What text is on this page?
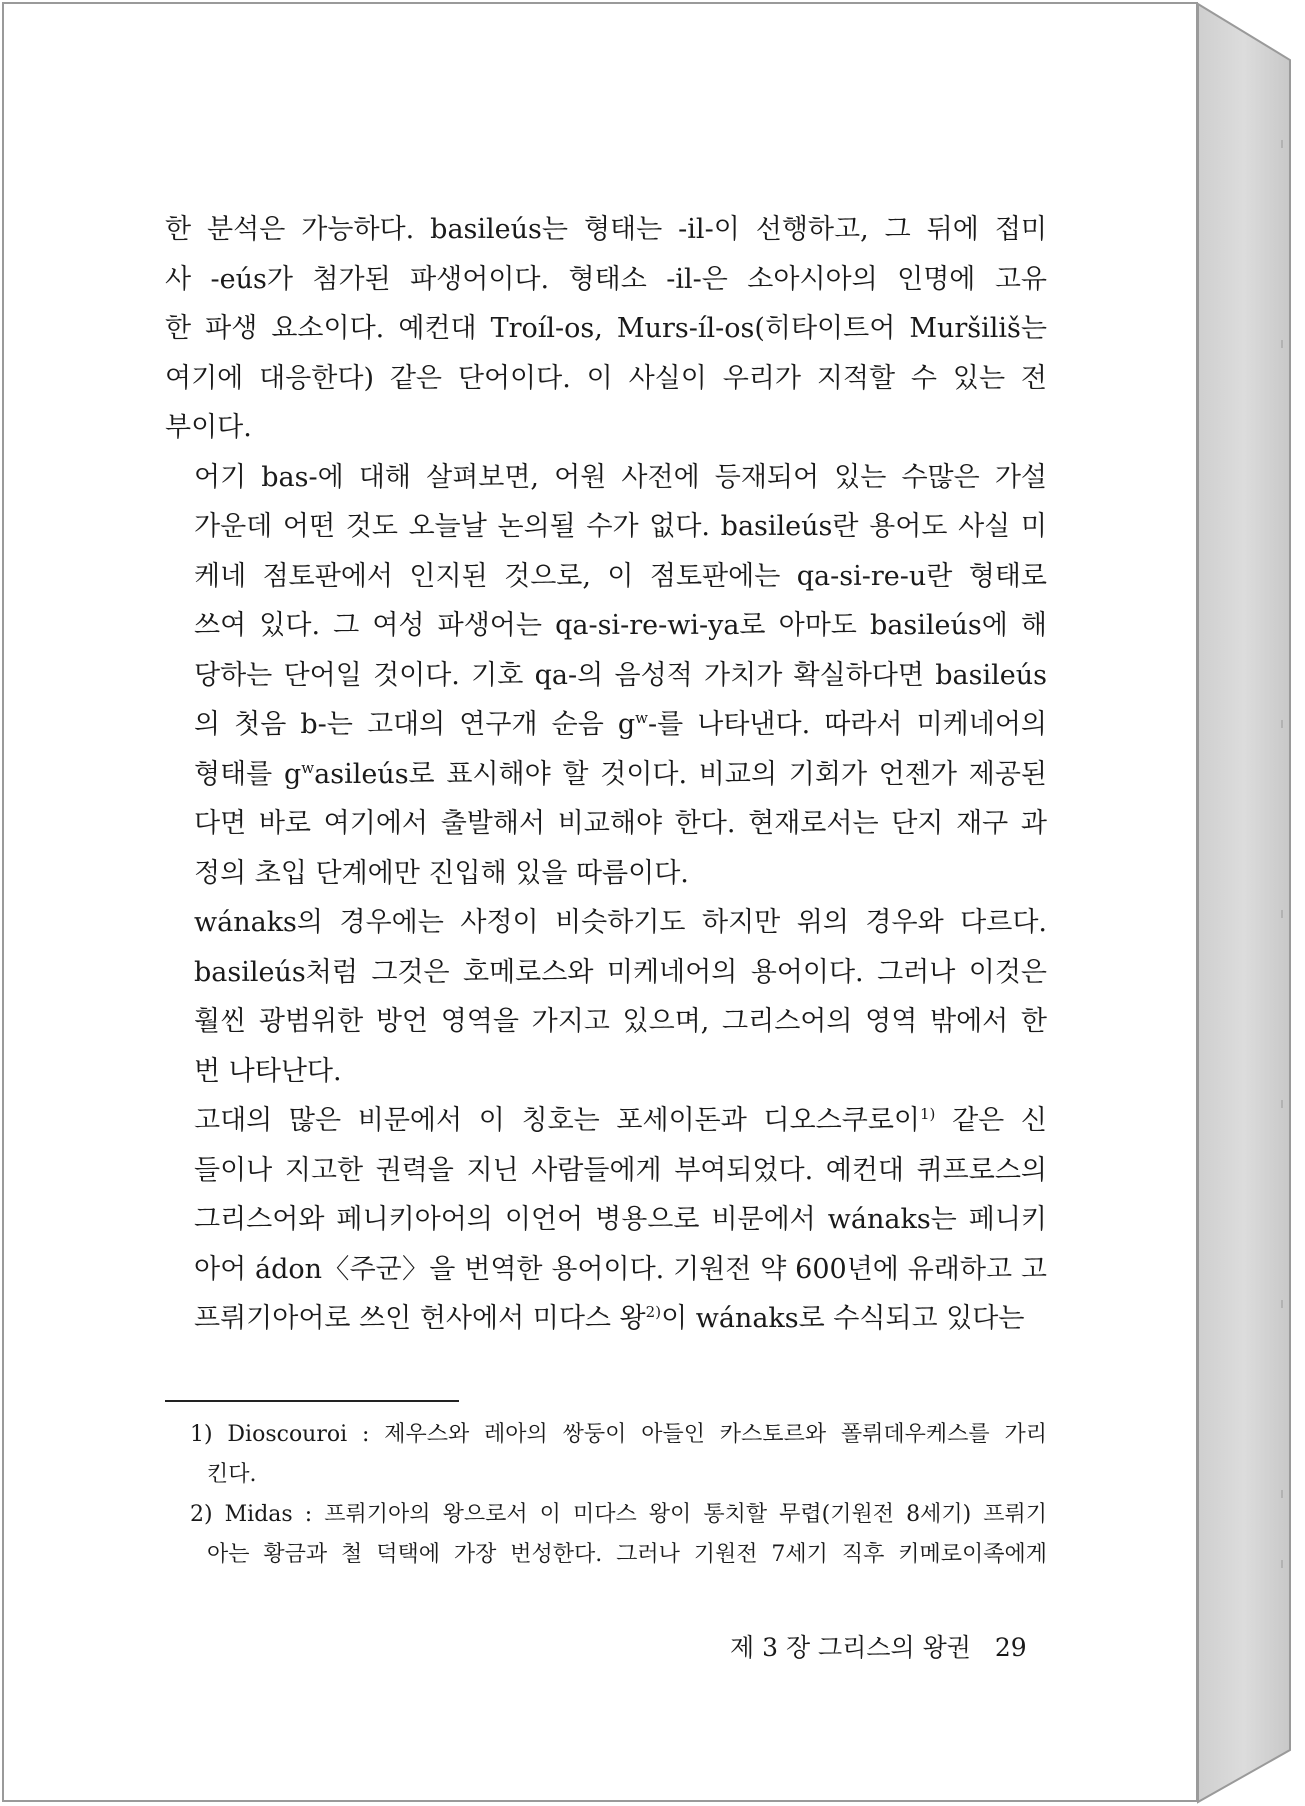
한 분석은 가능하다. basileús는 형태는 -il-이 선행하고, 그 뒤에 접미
사 -eús가 첨가된 파생어이다. 형태소 -il-은 소아시아의 인명에 고유
한 파생 요소이다. 예컨대 Troíl-os, Murs-íl-os(히타이트어 Muršiliš는
여기에 대응한다) 같은 단어이다. 이 사실이 우리가 지적할 수 있는 전
부이다.

어기 bas-에 대해 살펴보면, 어원 사전에 등재되어 있는 수많은 가설
가운데 어떤 것도 오늘날 논의될 수가 없다. basileús란 용어도 사실 미
케네 점토판에서 인지된 것으로, 이 점토판에는 qa-si-re-u란 형태로
쓰여 있다. 그 여성 파생어는 qa-si-re-wi-ya로 아마도 basileús에 해
당하는 단어일 것이다. 기호 qa-의 음성적 가치가 확실하다면 basileús
의 첫음 b-는 고대의 연구개 순음 $g^w-$를 나타낸다. 따라서 미케네어의
형태를 $g^wasileús$로 표시해야 할 것이다. 비교의 기회가 언젠가 제공된
다면 바로 여기에서 출발해서 비교해야 한다. 현재로서는 단지 재구 과
정의 초입 단계에만 진입해 있을 따름이다.

wánaks의 경우에는 사정이 비슷하기도 하지만 위의 경우와 다르다.
basileús처럼 그것은 호메로스와 미케네어의 용어이다. 그러나 이것은
훨씬 광범위한 방언 영역을 가지고 있으며, 그리스어의 영역 밖에서 한
번 나타난다.

고대의 많은 비문에서 이 칭호는 포세이돈과 디오스쿠로이$^{1)}$ 같은 신
들이나 지고한 권력을 지닌 사람들에게 부여되었다. 예컨대 퀴프로스의
그리스어와 페니키아어의 이언어 병용으로 비문에서 wánaks는 페니키
아어 ádon〈주군〉을 번역한 용어이다. 기원전 약 600년에 유래하고 고
프뤼기아어로 쓰인 헌사에서 미다스 왕$^{2)}$이 wánaks로 수식되고 있다는

1) Dioscouroi : 제우스와 레아의 쌍둥이 아들인 카스토르와 폴뤼데우케스를 가리
킨다.

2) Midas : 프뤼기아의 왕으로서 이 미다스 왕이 통치할 무렵(기원전 8세기) 프뤼기
아는 황금과 철 덕택에 가장 번성한다. 그러나 기원전 7세기 직후 키메로이족에게

제 3 장 그리스의 왕권 29
